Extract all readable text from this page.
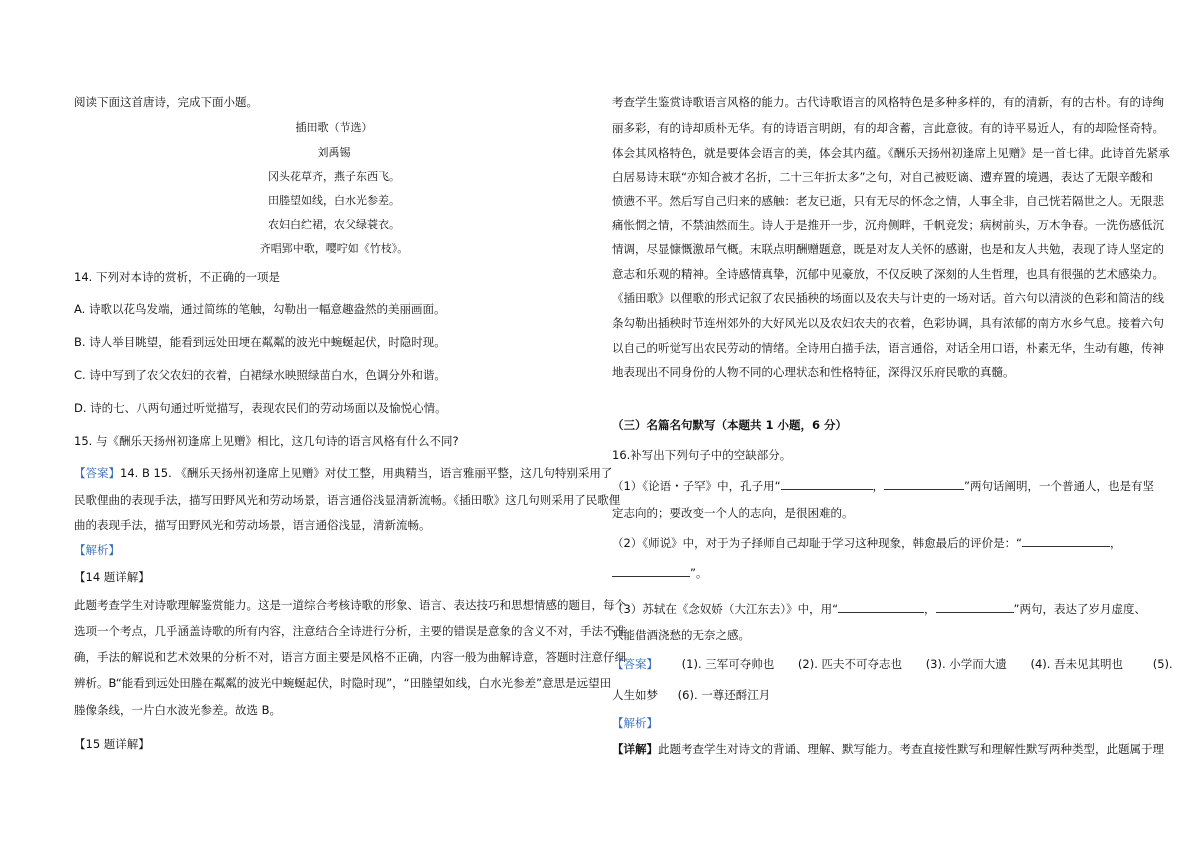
阅读下面这首唐诗，完成下面小题。
插田歌（节选）
刘禹锡
冈头花草齐，燕子东西飞。
田塍望如线，白水光参差。
农妇白纻裙，农父绿蓑衣。
齐唱郢中歌，嘤咛如《竹枝》。
14. 下列对本诗的赏析，不正确的一项是
A. 诗歌以花鸟发端，通过简练的笔触，勾勒出一幅意趣盎然的美丽画面。
B. 诗人举目眺望，能看到远处田埂在粼粼的波光中蜿蜒起伏，时隐时现。
C. 诗中写到了农父农妇的衣着，白裙绿水映照绿苗白水，色调分外和谐。
D. 诗的七、八两句通过听觉描写，表现农民们的劳动场面以及愉悦心情。
15. 与《酬乐天扬州初逢席上见赠》相比，这几句诗的语言风格有什么不同?
【答案】14. B 15. 《酬乐天扬州初逢席上见赠》对仗工整，用典精当，语言雅丽平整，这几句特别采用了
民歌俚曲的表现手法，描写田野风光和劳动场景，语言通俗浅显清新流畅。《插田歌》这几句则采用了民歌俚
曲的表现手法，描写田野风光和劳动场景，语言通俗浅显，清新流畅。
【解析】
【14 题详解】
此题考查学生对诗歌理解鉴赏能力。这是一道综合考核诗歌的形象、语言、表达技巧和思想情感的题目，每个
选项一个考点，几乎涵盖诗歌的所有内容，注意结合全诗进行分析，主要的错误是意象的含义不对，手法不准
确，手法的解说和艺术效果的分析不对，语言方面主要是风格不正确，内容一般为曲解诗意，答题时注意仔细
辨析。B“能看到远处田塍在粼粼的波光中蜿蜒起伏，时隐时现”，“田塍望如线，白水光参差”意思是远望田
塍像条线，一片白水波光参差。故选 B。
【15 题详解】
考查学生鉴赏诗歌语言风格的能力。古代诗歌语言的风格特色是多种多样的，有的清新，有的古朴。有的诗绚
丽多彩，有的诗却质朴无华。有的诗语言明朗，有的却含蓄，言此意彼。有的诗平易近人，有的却险怪奇特。
体会其风格特色，就是要体会语言的美，体会其内蕴。《酬乐天扬州初逢席上见赠》是一首七律。此诗首先紧承
白居易诗末联“亦知合被才名折，二十三年折太多”之句，对自己被贬谪、遭弃置的境遇，表达了无限辛酸和
愤懑不平。然后写自己归来的感触：老友已逝，只有无尽的怀念之情，人事全非，自己恍若隔世之人。无限悲
痛怅惘之情，不禁油然而生。诗人于是推开一步，沉舟侧畔，千帆竞发；病树前头，万木争春。一洗伤感低沉
情调，尽显慷慨激昂气概。末联点明酬赠题意，既是对友人关怀的感谢，也是和友人共勉，表现了诗人坚定的
意志和乐观的精神。全诗感情真挚，沉郁中见豪放，不仅反映了深刻的人生哲理，也具有很强的艺术感染力。
《插田歌》以俚歌的形式记叙了农民插秧的场面以及农夫与计吏的一场对话。首六句以清淡的色彩和简洁的线
条勾勒出插秧时节连州郊外的大好风光以及农妇农夫的衣着，色彩协调，具有浓郁的南方水乡气息。接着六句
以自己的听觉写出农民劳动的情绪。全诗用白描手法，语言通俗，对话全用口语，朴素无华，生动有趣，传神
地表现出不同身份的人物不同的心理状态和性格特征，深得汉乐府民歌的真髓。
（三）名篇名句默写（本题共 1 小题，6 分）
16.补写出下列句子中的空缺部分。
（1）《论语・子罕》中，孔子用“	，	”两句话阐明，一个普通人，也是有坚
定志向的；要改变一个人的志向，是很困难的。
（2）《师说》中，对于为子择师自己却耻于学习这种现象，韩愈最后的评价是：“	，
”。
（3）苏轼在《念奴娇（大江东去）》中，用“	，	”两句，表达了岁月虚度、
只能借酒浇愁的无奈之感。
【答案】 (1). 三军可夺帅也 (2). 匹夫不可夺志也 (3). 小学而大遗 (4). 吾未见其明也	(5).
人生如梦 (6). 一尊还酹江月
【解析】
【详解】此题考查学生对诗文的背诵、理解、默写能力。考查直接性默写和理解性默写两种类型，此题属于理
